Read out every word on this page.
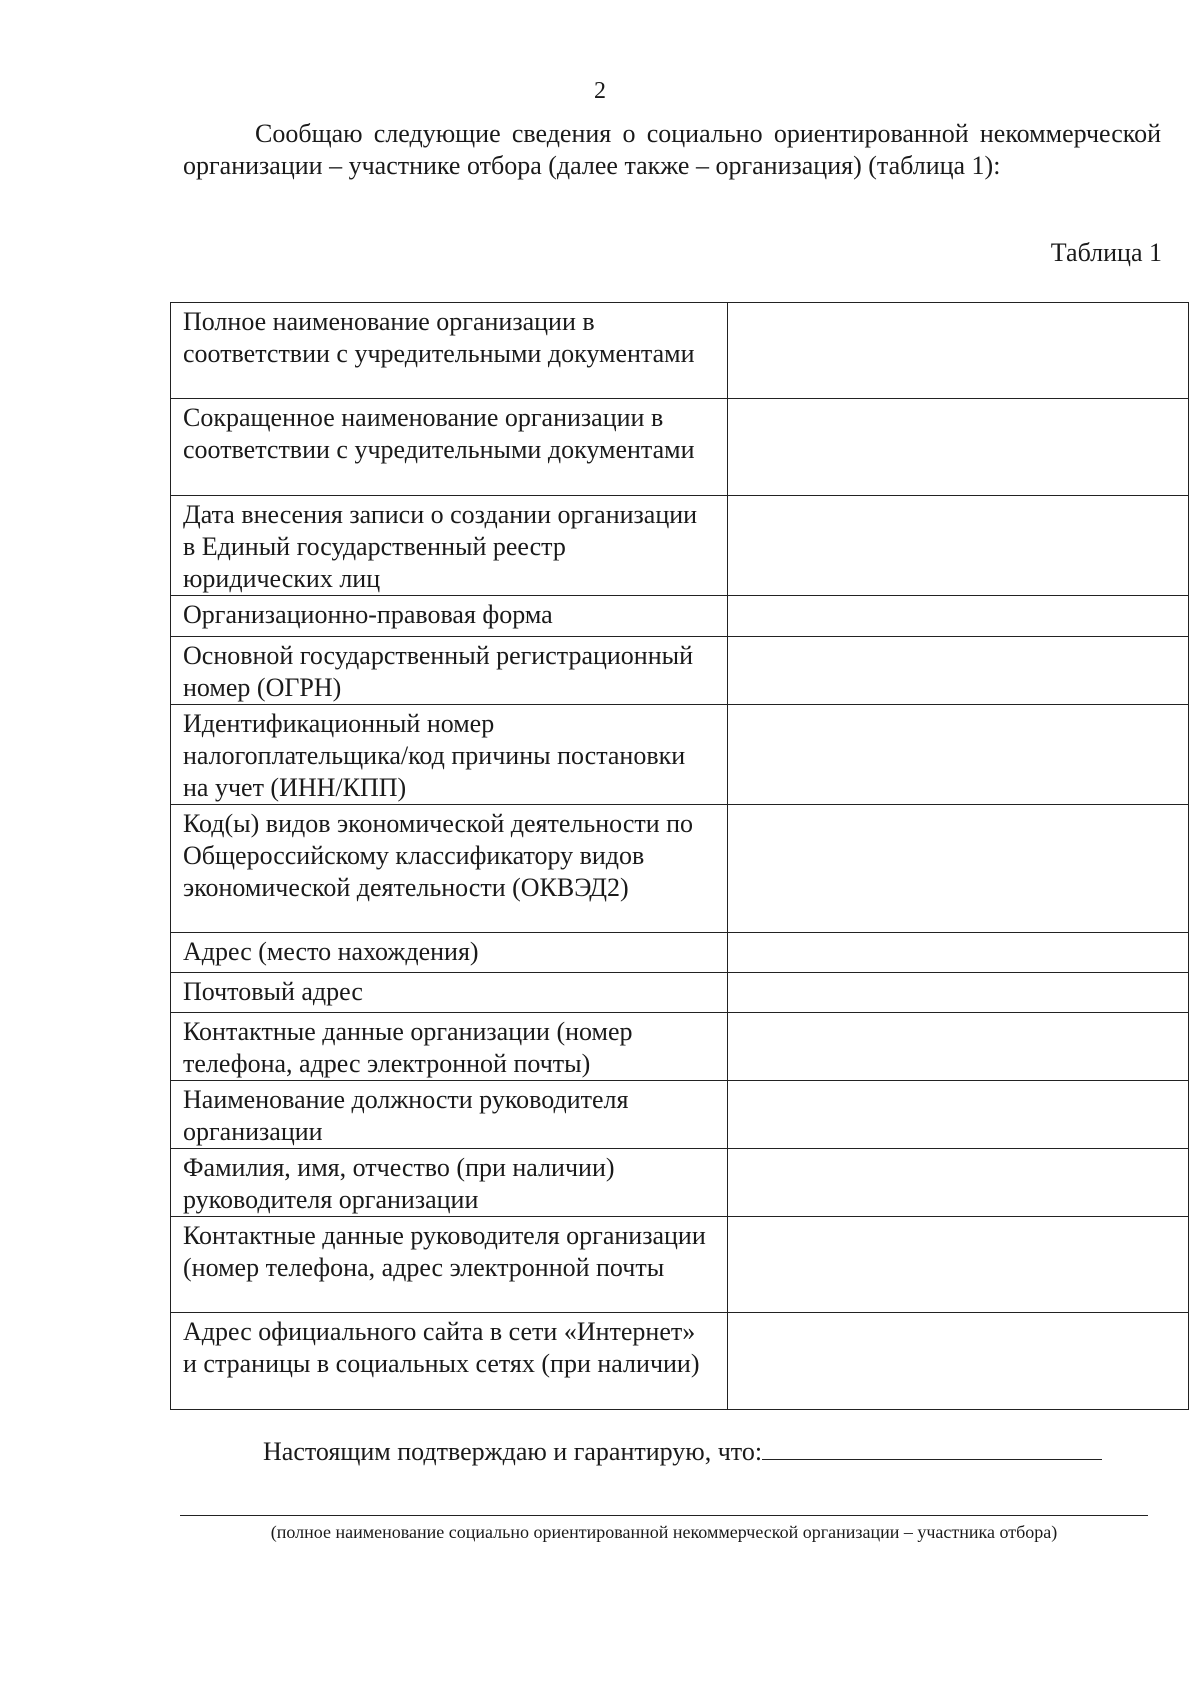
2
Сообщаю следующие сведения о социально ориентированной некоммерческой организации – участнике отбора (далее также – организация) (таблица 1):
Таблица 1
Полное наименование организации в соответствии с учредительными документами	
Сокращенное наименование организации в соответствии с учредительными документами	
Дата внесения записи о создании организации в Единый государственный реестр юридических лиц	
Организационно-правовая форма	
Основной государственный регистрационный номер (ОГРН)	
Идентификационный номер налогоплательщика/код причины постановки на учет (ИНН/КПП)	
Код(ы) видов экономической деятельности по Общероссийскому классификатору видов экономической деятельности (ОКВЭД2)	
Адрес (место нахождения)	
Почтовый адрес	
Контактные данные организации (номер телефона, адрес электронной почты)	
Наименование должности руководителя организации	
Фамилия, имя, отчество (при наличии) руководителя организации	
Контактные данные руководителя организации (номер телефона, адрес электронной почты	
Адрес официального сайта в сети «Интернет» и страницы в социальных сетях (при наличии)	
Настоящим подтверждаю и гарантирую, что:
(полное наименование социально ориентированной некоммерческой организации – участника отбора)
